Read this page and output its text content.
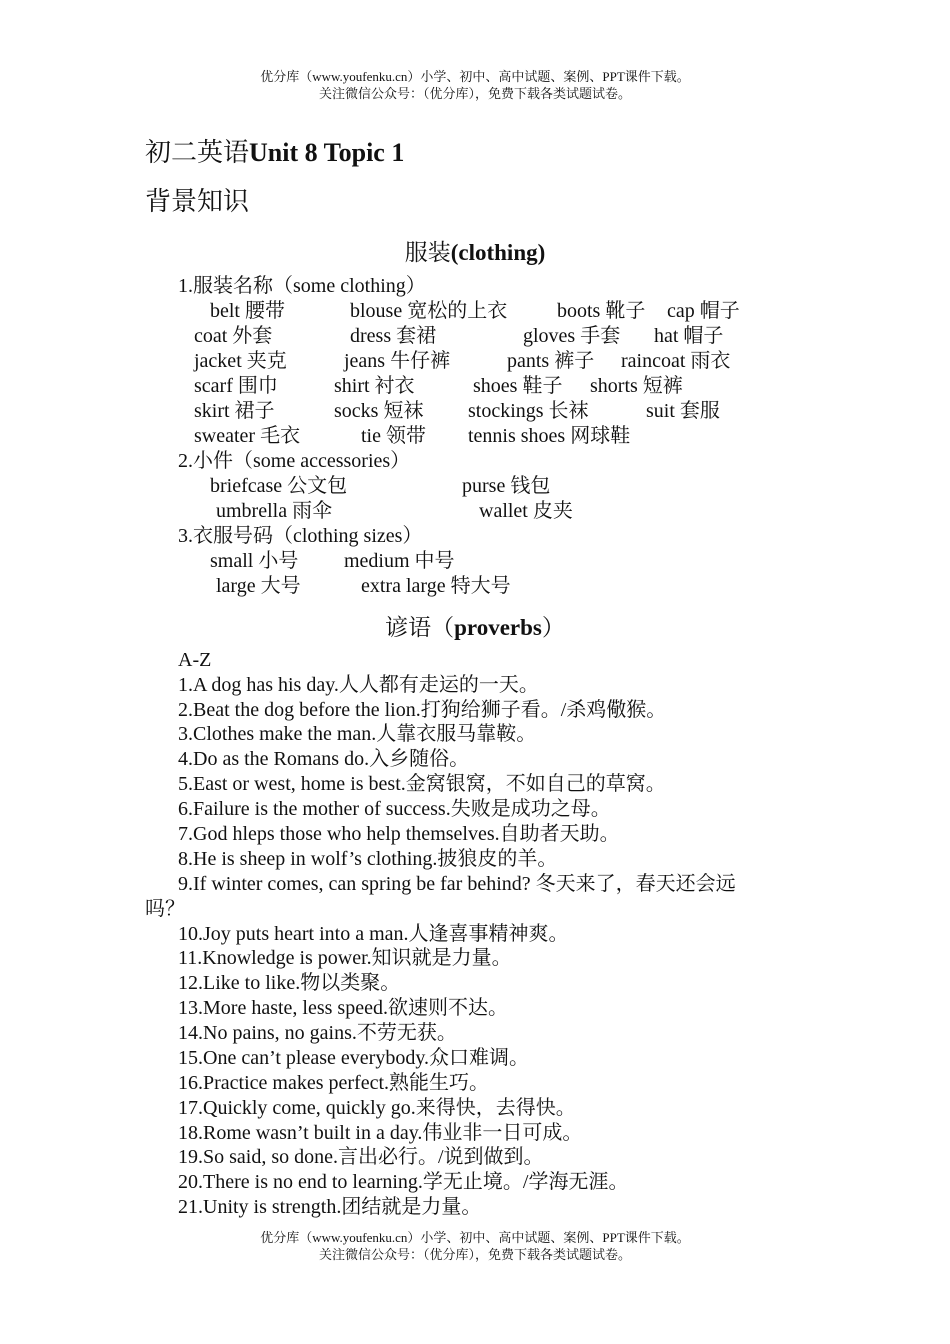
优分库（www.youfenku.cn）小学、初中、高中试题、案例、PPT课件下载。
关注微信公众号：（优分库），免费下载各类试题试卷。
初二英语Unit 8 Topic 1
背景知识
服装(clothing)
1.服装名称（some clothing）
belt 腰带	blouse 宽松的上衣 boots 靴子 cap 帽子
coat 外套	dress 套裙	gloves 手套 hat 帽子
jacket 夹克	jeans 牛仔裤	pants 裤子 raincoat 雨衣
scarf 围巾	shirt 衬衣	shoes 鞋子 shorts 短裤
skirt 裙子	socks 短袜 stockings 长袜	suit 套服
sweater 毛衣	tie 领带 tennis shoes 网球鞋
2.小件（some accessories）
briefcase 公文包	purse 钱包
umbrella 雨伞	wallet 皮夹
3.衣服号码（clothing sizes）
small 小号 medium 中号
large 大号	extra large 特大号
谚语（proverbs）
A-Z
1.A dog has his day.人人都有走运的一天。
2.Beat the dog before the lion.打狗给狮子看。/杀鸡儆猴。
3.Clothes make the man.人靠衣服马靠鞍。
4.Do as the Romans do.入乡随俗。
5.East or west, home is best.金窝银窝，不如自己的草窝。
6.Failure is the mother of success.失败是成功之母。
7.God hleps those who help themselves.自助者天助。
8.He is sheep in wolf’s clothing.披狼皮的羊。
9.If winter comes, can spring be far behind? 冬天来了，春天还会远
吗？
10.Joy puts heart into a man.人逢喜事精神爽。
11.Knowledge is power.知识就是力量。
12.Like to like.物以类聚。
13.More haste, less speed.欲速则不达。
14.No pains, no gains.不劳无获。
15.One can’t please everybody.众口难调。
16.Practice makes perfect.熟能生巧。
17.Quickly come, quickly go.来得快，去得快。
18.Rome wasn’t built in a day.伟业非一日可成。
19.So said, so done.言出必行。/说到做到。
20.There is no end to learning.学无止境。/学海无涯。
21.Unity is strength.团结就是力量。
优分库（www.youfenku.cn）小学、初中、高中试题、案例、PPT课件下载。
关注微信公众号：（优分库），免费下载各类试题试卷。
